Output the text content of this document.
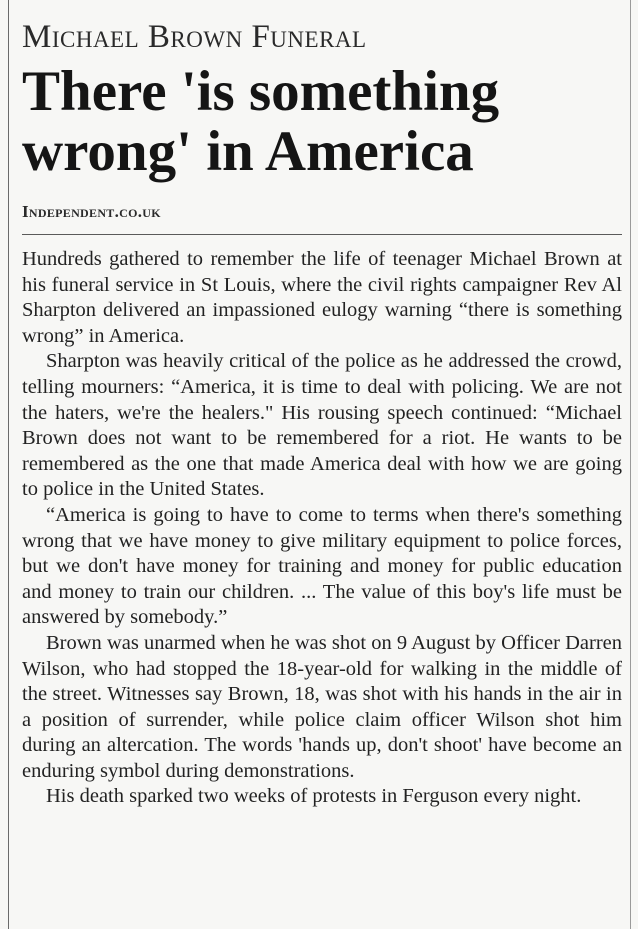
Michael Brown Funeral
There 'is something wrong' in America
Independent.co.uk

Hundreds gathered to remember the life of teenager Michael Brown at his funeral service in St Louis, where the civil rights campaigner Rev Al Sharpton delivered an impassioned eulogy warning “there is something wrong” in America.

Sharpton was heavily critical of the police as he addressed the crowd, telling mourners: “America, it is time to deal with policing. We are not the haters, we're the healers." His rousing speech continued: “Michael Brown does not want to be remembered for a riot. He wants to be remembered as the one that made America deal with how we are going to police in the United States.

“America is going to have to come to terms when there's something wrong that we have money to give military equipment to police forces, but we don't have money for training and money for public education and money to train our children. ... The value of this boy's life must be answered by somebody.”

Brown was unarmed when he was shot on 9 August by Officer Darren Wilson, who had stopped the 18-year-old for walking in the middle of the street. Witnesses say Brown, 18, was shot with his hands in the air in a position of surrender, while police claim officer Wilson shot him during an altercation. The words 'hands up, don't shoot' have become an enduring symbol during demonstrations.

His death sparked two weeks of protests in Ferguson every night.
